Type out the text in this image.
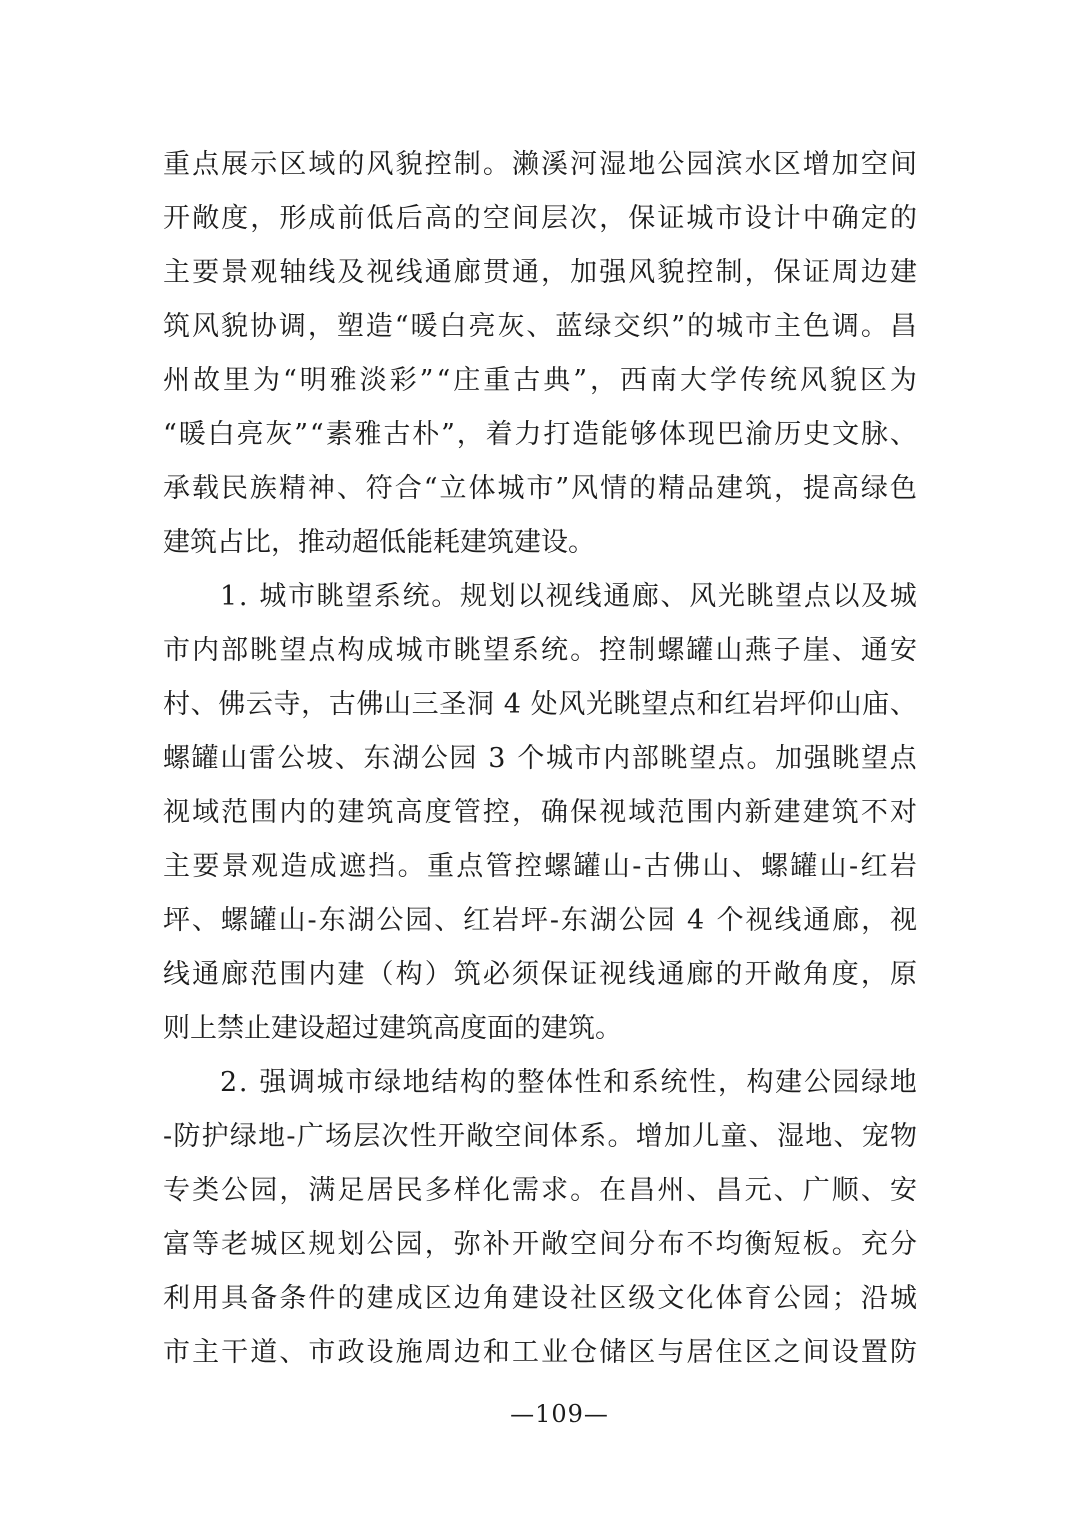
重 点 展 示 区 域 的 风 貌 控 制 。 濑 溪 河 湿 地 公 园 滨 水 区 增 加 空 间
开 敞 度 ， 形 成 前 低 后 高 的 空 间 层 次 ， 保 证 城 市 设 计 中 确 定 的
主 要 景 观 轴 线 及 视 线 通 廊 贯 通 ， 加 强 风 貌 控 制 ， 保 证 周 边 建
筑 风 貌 协 调 ， 塑 造 “ 暖 白 亮 灰 、 蓝 绿 交 织 ” 的 城 市 主 色 调 。 昌
州 故 里 为 “ 明 雅 淡 彩 ” “ 庄 重 古 典 ” ， 西 南 大 学 传 统 风 貌 区 为
“ 暖 白 亮 灰 ” “ 素 雅 古 朴 ” ， 着 力 打 造 能 够 体 现 巴 渝 历 史 文 脉 、
承 载 民 族 精 神 、 符 合 “ 立 体 城 市 ” 风 情 的 精 品 建 筑 ， 提 高 绿 色
建筑占比，推动超低能耗建筑建设。
1 .
城 市 眺 望 系 统 。 规 划 以 视 线 通 廊 、 风 光 眺 望 点 以 及 城
市 内 部 眺 望 点 构 成 城 市 眺 望 系 统 。 控 制 螺 罐 山 燕 子 崖 、 通 安
村 、 佛 云 寺 ， 古 佛 山 三 圣 洞
4
处 风 光 眺 望 点 和 红 岩 坪 仰 山 庙 、
螺 罐 山 雷 公 坡 、 东 湖 公 园
3
个 城 市 内 部 眺 望 点 。 加 强 眺 望 点
视 域 范 围 内 的 建 筑 高 度 管 控 ， 确 保 视 域 范 围 内 新 建 建 筑 不 对
主 要 景 观 造 成 遮 挡 。 重 点 管 控 螺 罐 山 - 古 佛 山 、 螺 罐 山 - 红 岩
坪 、 螺 罐 山 - 东 湖 公 园 、 红 岩 坪 - 东 湖 公 园
4
个 视 线 通 廊 ， 视
线 通 廊 范 围 内 建 （ 构 ） 筑 必 须 保 证 视 线 通 廊 的 开 敞 角 度 ， 原
则上禁止建设超过建筑高度面的建筑。
2 .
强 调 城 市 绿 地 结 构 的 整 体 性 和 系 统 性 ， 构 建 公 园 绿 地
- 防 护 绿 地 - 广 场 层 次 性 开 敞 空 间 体 系 。 增 加 儿 童 、 湿 地 、 宠 物
专 类 公 园 ， 满 足 居 民 多 样 化 需 求 。 在 昌 州 、 昌 元 、 广 顺 、 安
富 等 老 城 区 规 划 公 园 ， 弥 补 开 敞 空 间 分 布 不 均 衡 短 板 。 充 分
利 用 具 备 条 件 的 建 成 区 边 角 建 设 社 区 级 文 化 体 育 公 园 ； 沿 城
市 主 干 道 、 市 政 设 施 周 边 和 工 业 仓 储 区 与 居 住 区 之 间 设 置 防
—109—
